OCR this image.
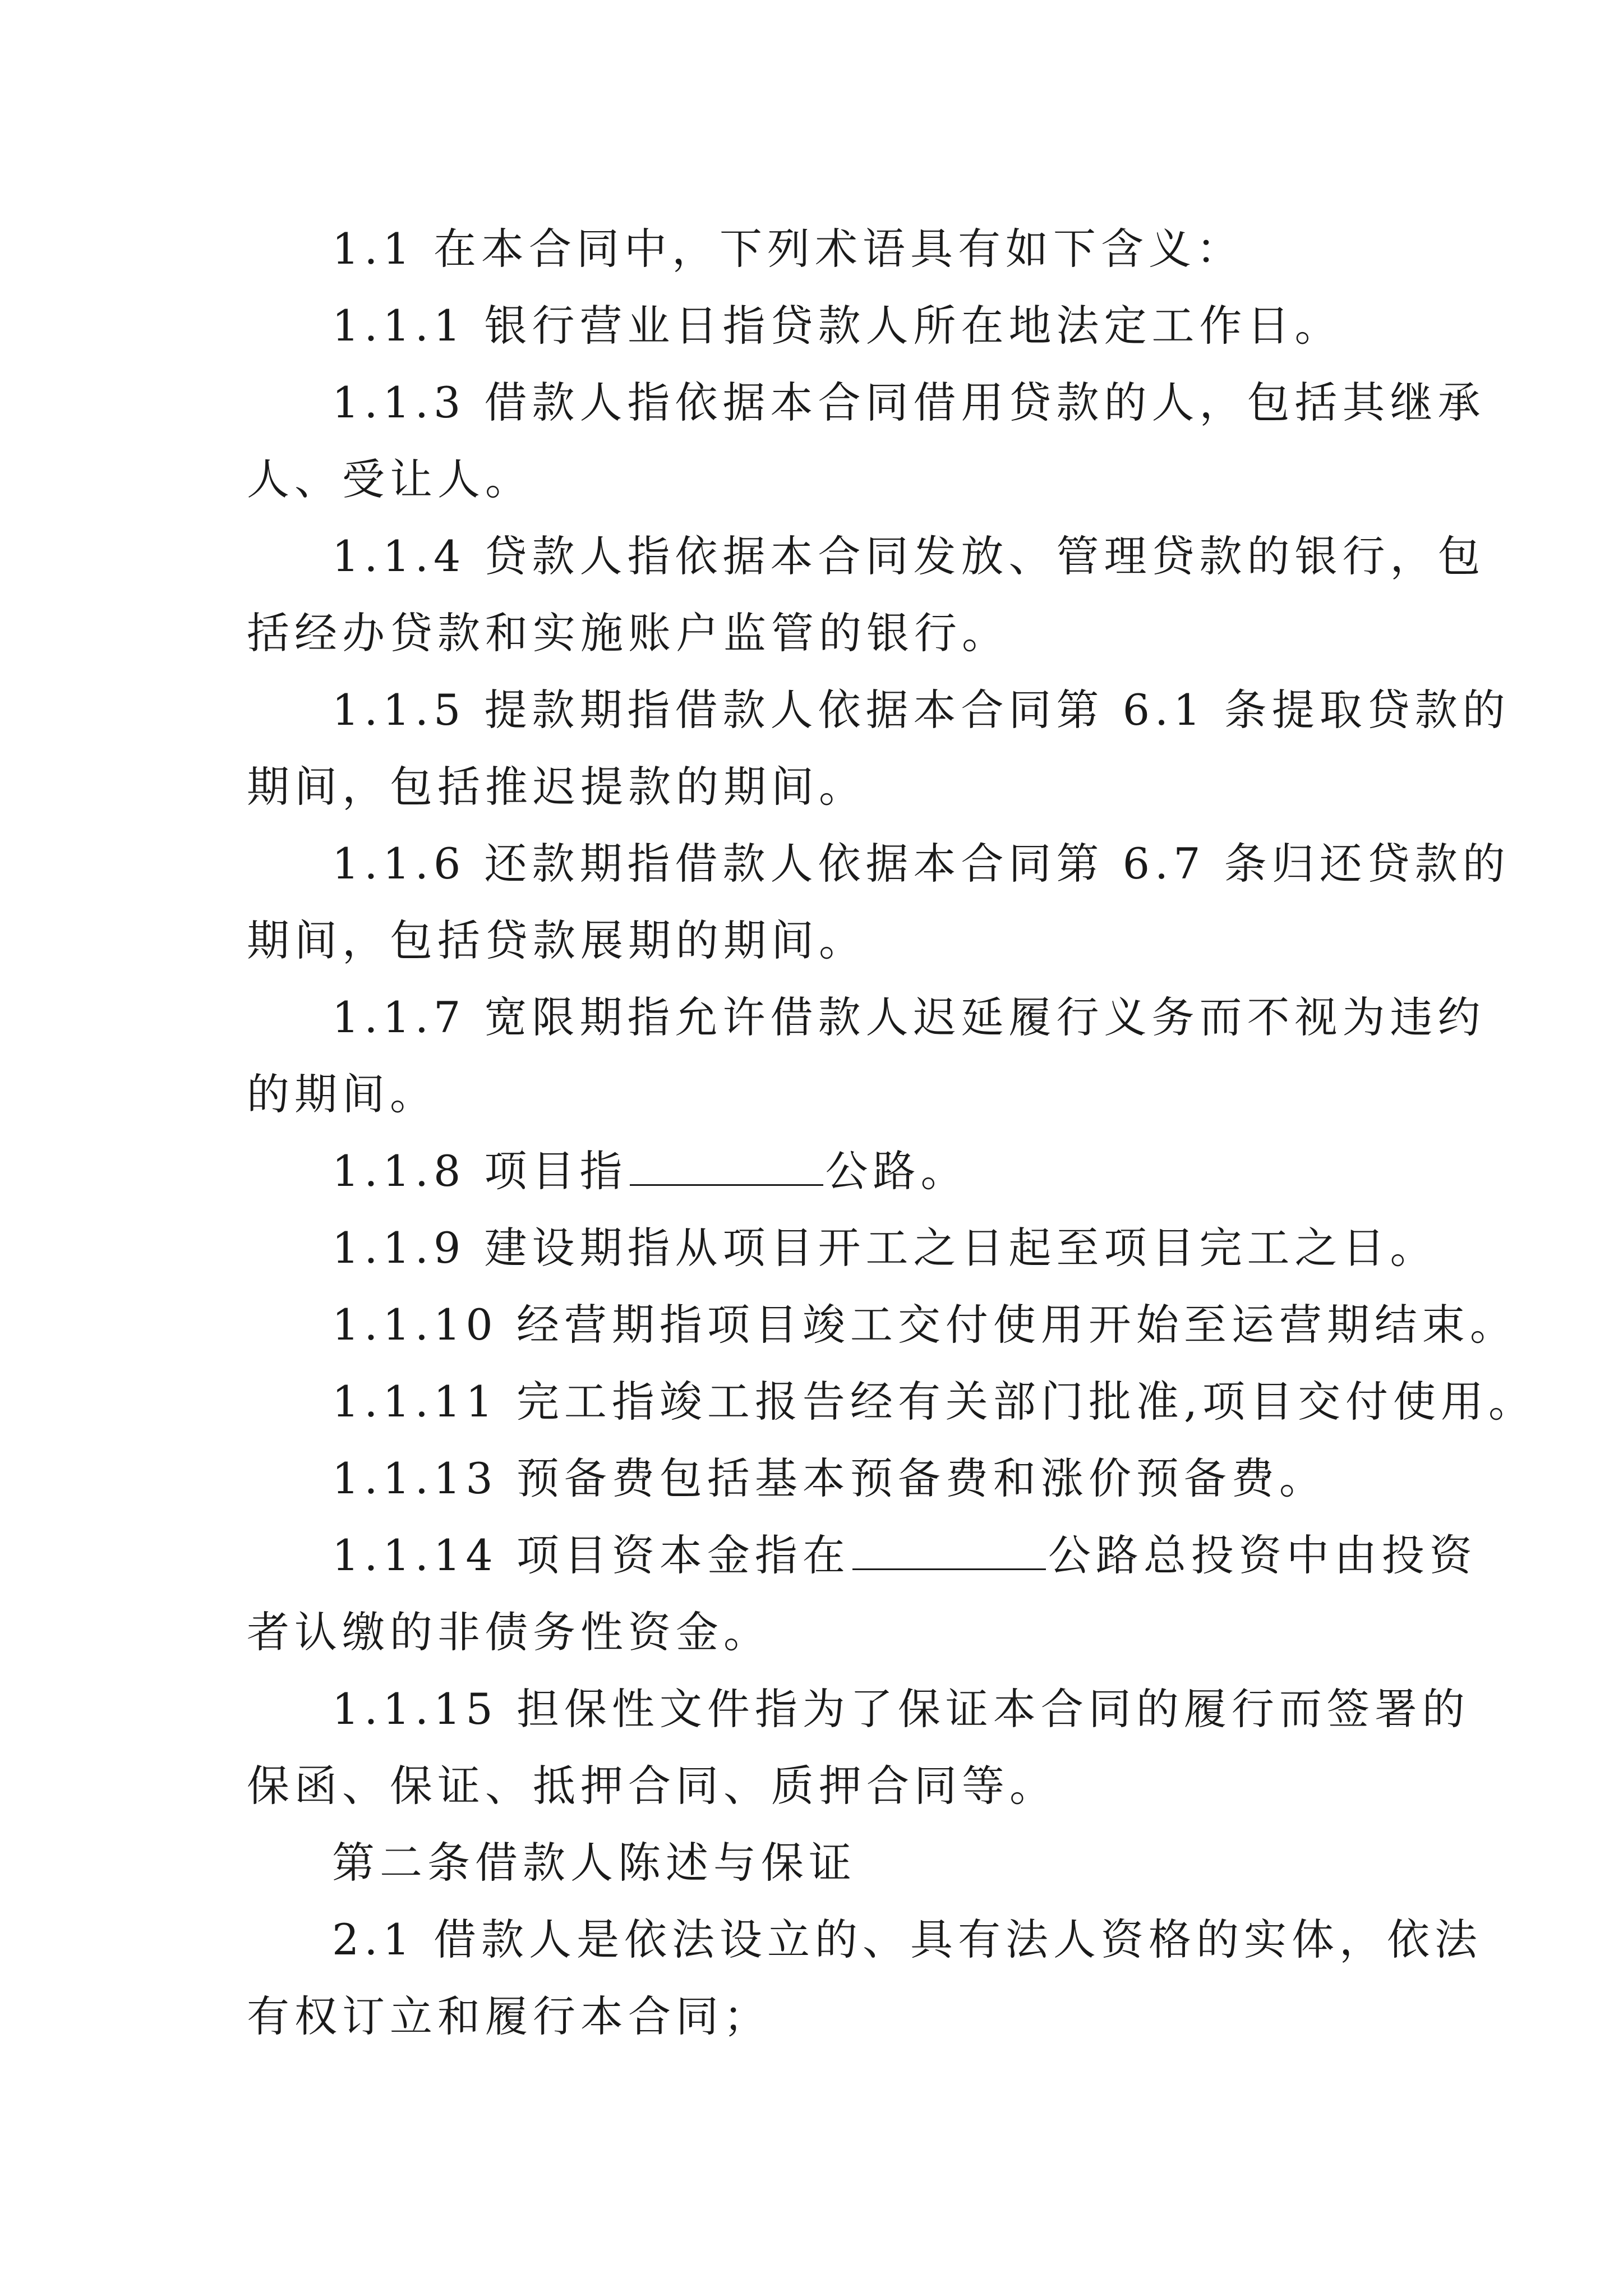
1.1 在本合同中，下列术语具有如下含义：
1.1.1 银行营业日指贷款人所在地法定工作日。
1.1.3 借款人指依据本合同借用贷款的人，包括其继承
人、受让人。
1.1.4 贷款人指依据本合同发放、管理贷款的银行，包
括经办贷款和实施账户监管的银行。
1.1.5 提款期指借款人依据本合同第 6.1 条提取贷款的
期间，包括推迟提款的期间。
1.1.6 还款期指借款人依据本合同第 6.7 条归还贷款的
期间，包括贷款展期的期间。
1.1.7 宽限期指允许借款人迟延履行义务而不视为违约
的期间。
1.1.8 项目指	公路。
1.1.9 建设期指从项目开工之日起至项目完工之日。
1.1.10 经营期指项目竣工交付使用开始至运营期结束。
1.1.11 完工指竣工报告经有关部门批准,项目交付使用。
1.1.13 预备费包括基本预备费和涨价预备费。
1.1.14 项目资本金指在	公路总投资中由投资
者认缴的非债务性资金。
1.1.15 担保性文件指为了保证本合同的履行而签署的
保函、保证、抵押合同、质押合同等。
第二条借款人陈述与保证
2.1 借款人是依法设立的、具有法人资格的实体，依法
有权订立和履行本合同；
